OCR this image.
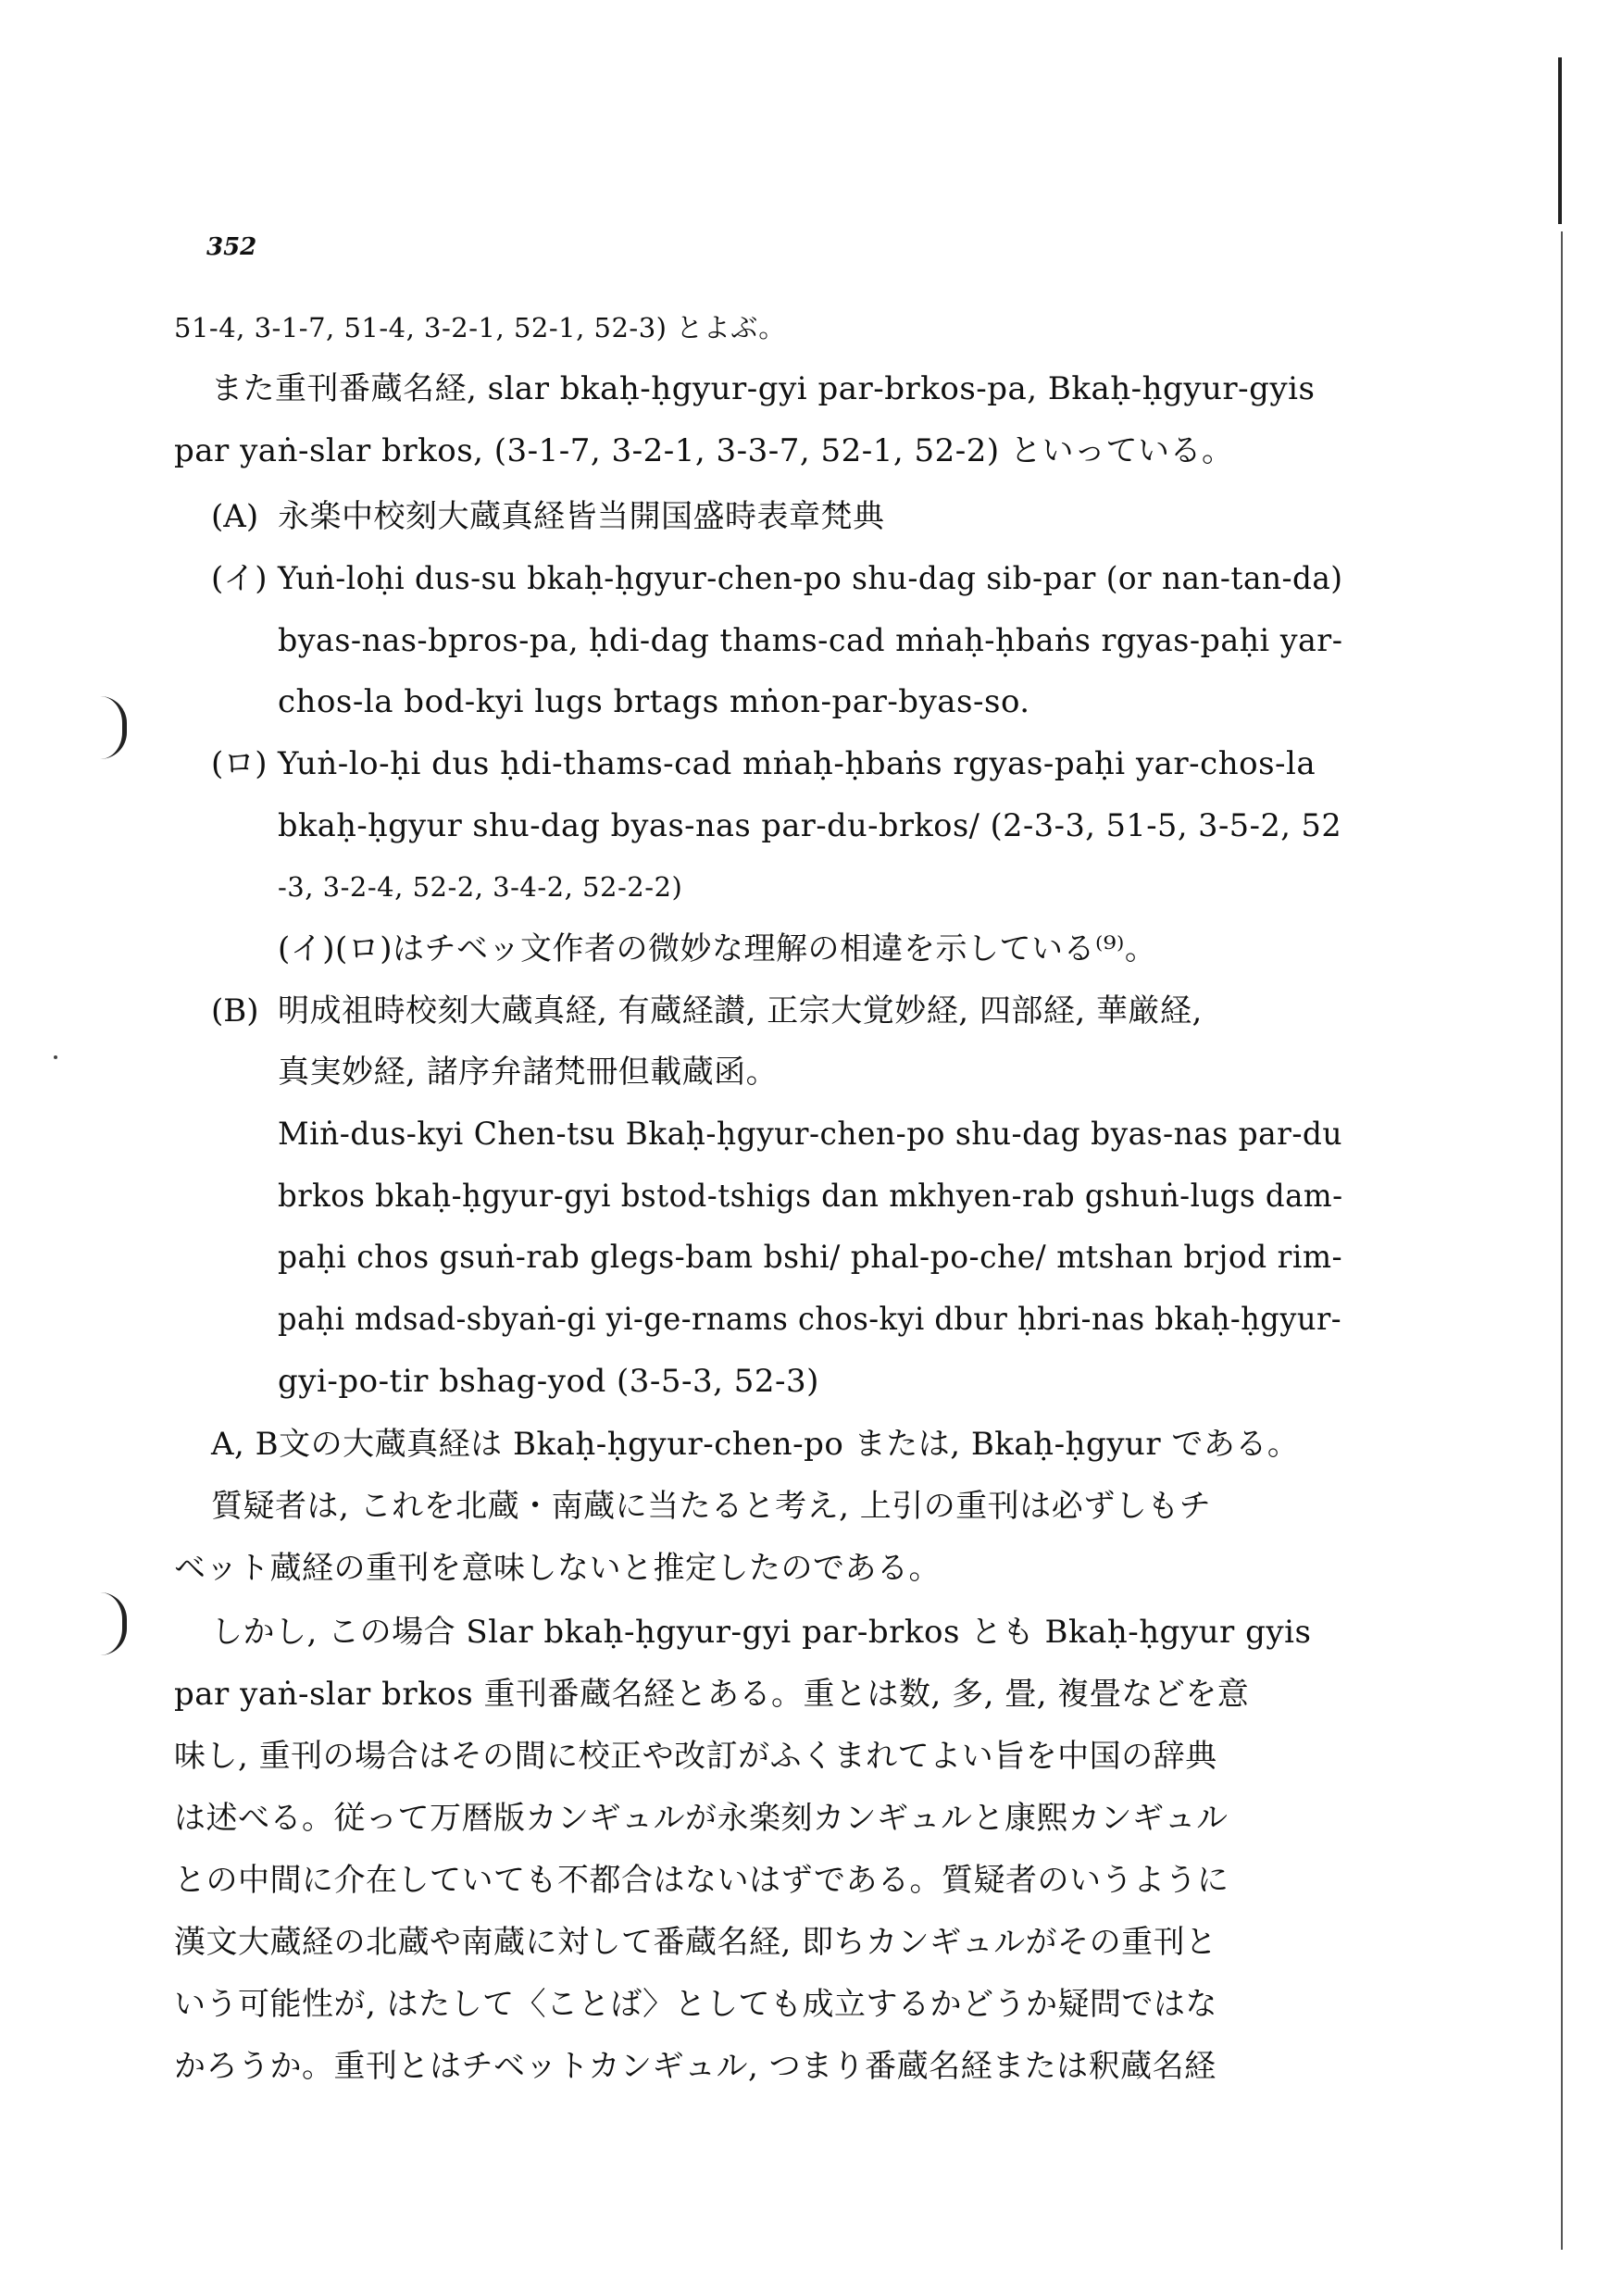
352
(A)
(イ)
(ロ)
(B)
51-4, 3-1-7, 51-4, 3-2-1, 52-1, 52-3) とよぶ。
また重刊番蔵名経, slar bkaḥ-ḥgyur-gyi par-brkos-pa, Bkaḥ-ḥgyur-gyis
par yaṅ-slar brkos, (3-1-7, 3-2-1, 3-3-7, 52-1, 52-2) といっている。
永楽中校刻大蔵真経皆当開国盛時表章梵典
Yuṅ-loḥi dus-su bkaḥ-ḥgyur-chen-po shu-dag sib-par (or nan-tan-da)
byas-nas-bpros-pa, ḥdi-dag thams-cad mṅaḥ-ḥbaṅs rgyas-paḥi yar-
chos-la bod-kyi lugs brtags mṅon-par-byas-so.
Yuṅ-lo-ḥi dus ḥdi-thams-cad mṅaḥ-ḥbaṅs rgyas-paḥi yar-chos-la
bkaḥ-ḥgyur shu-dag byas-nas par-du-brkos/ (2-3-3, 51-5, 3-5-2, 52
-3, 3-2-4, 52-2, 3-4-2, 52-2-2)
(イ)(ロ)はチベッ文作者の微妙な理解の相違を示している⁽⁹⁾。
明成祖時校刻大蔵真経, 有蔵経讃, 正宗大覚妙経, 四部経, 華厳経,
真実妙経, 諸序弁諸梵冊但載蔵函。
Miṅ-dus-kyi Chen-tsu Bkaḥ-ḥgyur-chen-po shu-dag byas-nas par-du
brkos bkaḥ-ḥgyur-gyi bstod-tshigs dan mkhyen-rab gshuṅ-lugs dam-
paḥi chos gsuṅ-rab glegs-bam bshi/ phal-po-che/ mtshan brjod rim-
paḥi mdsad-sbyaṅ-gi yi-ge-rnams chos-kyi dbur ḥbri-nas bkaḥ-ḥgyur-
gyi-po-tir bshag-yod (3-5-3, 52-3)
A, B文の大蔵真経は Bkaḥ-ḥgyur-chen-po または, Bkaḥ-ḥgyur である。
質疑者は, これを北蔵・南蔵に当たると考え, 上引の重刊は必ずしもチ
ベット蔵経の重刊を意味しないと推定したのである。
しかし, この場合 Slar bkaḥ-ḥgyur-gyi par-brkos とも Bkaḥ-ḥgyur gyis
par yaṅ-slar brkos 重刊番蔵名経とある。重とは数, 多, 畳, 複畳などを意
味し, 重刊の場合はその間に校正や改訂がふくまれてよい旨を中国の辞典
は述べる。従って万暦版カンギュルが永楽刻カンギュルと康熙カンギュル
との中間に介在していても不都合はないはずである。質疑者のいうように
漢文大蔵経の北蔵や南蔵に対して番蔵名経, 即ちカンギュルがその重刊と
いう可能性が, はたして〈ことば〉としても成立するかどうか疑問ではな
かろうか。重刊とはチベットカンギュル, つまり番蔵名経または釈蔵名経
